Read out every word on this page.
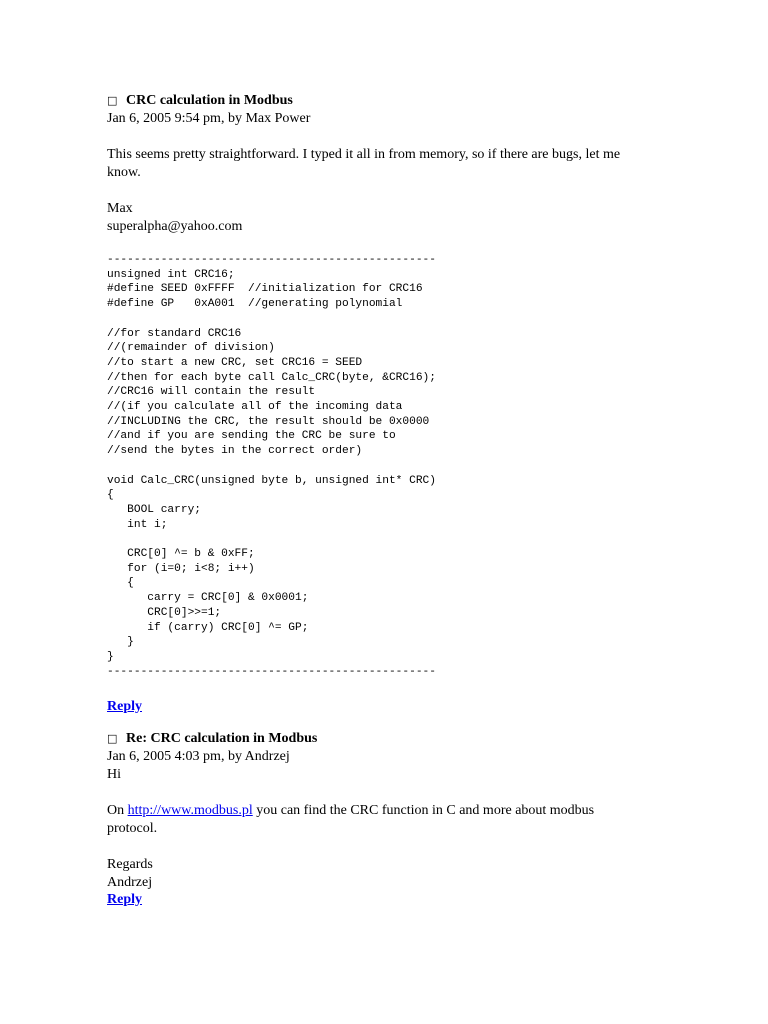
□ CRC calculation in Modbus
Jan 6, 2005 9:54 pm, by Max Power
This seems pretty straightforward. I typed it all in from memory, so if there are bugs, let me
know.
Max
superalpha@yahoo.com
-------------------------------------------------
unsigned int CRC16;
#define SEED 0xFFFF  //initialization for CRC16
#define GP   0xA001  //generating polynomial

//for standard CRC16
//(remainder of division)
//to start a new CRC, set CRC16 = SEED
//then for each byte call Calc_CRC(byte, &CRC16);
//CRC16 will contain the result
//(if you calculate all of the incoming data
//INCLUDING the CRC, the result should be 0x0000
//and if you are sending the CRC be sure to
//send the bytes in the correct order)

void Calc_CRC(unsigned byte b, unsigned int* CRC)
{
BOOL carry;
int i;

CRC[0] ^= b & 0xFF;
for (i=0; i<8; i++)
{
carry = CRC[0] & 0x0001;
CRC[0]>>=1;
if (carry) CRC[0] ^= GP;
}
}
-------------------------------------------------
Reply
□ Re: CRC calculation in Modbus
Jan 6, 2005 4:03 pm, by Andrzej
Hi
On http://www.modbus.pl you can find the CRC function in C and more about modbus
protocol.
Regards
Andrzej
Reply
